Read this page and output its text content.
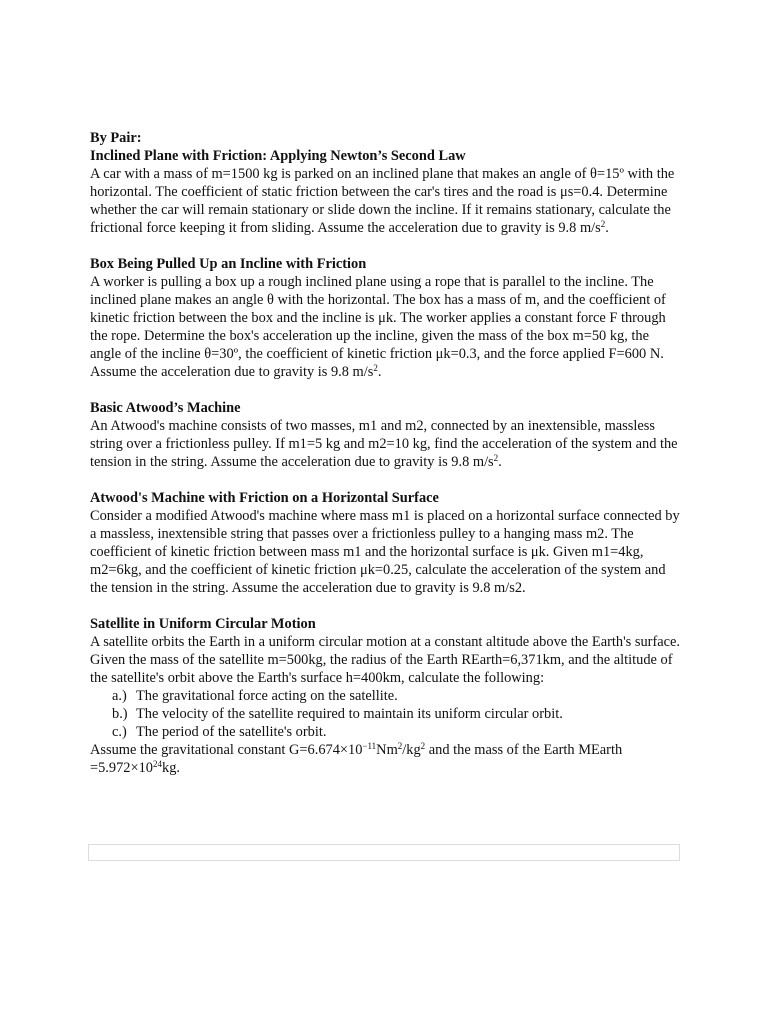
By Pair:

Inclined Plane with Friction: Applying Newton’s Second Law

A car with a mass of m=1500 kg is parked on an inclined plane that makes an angle of θ=15º with the horizontal. The coefficient of static friction between the car's tires and the road is μs=0.4. Determine whether the car will remain stationary or slide down the incline. If it remains stationary, calculate the frictional force keeping it from sliding. Assume the acceleration due to gravity is 9.8 $m/s^2$.

Box Being Pulled Up an Incline with Friction

A worker is pulling a box up a rough inclined plane using a rope that is parallel to the incline. The inclined plane makes an angle θ with the horizontal. The box has a mass of m, and the coefficient of kinetic friction between the box and the incline is μk. The worker applies a constant force F through the rope. Determine the box's acceleration up the incline, given the mass of the box m=50 kg, the angle of the incline θ=30º, the coefficient of kinetic friction μk=0.3, and the force applied F=600 N. Assume the acceleration due to gravity is 9.8 $m/s^2$.

Basic Atwood’s Machine

An Atwood's machine consists of two masses, m1 and m2, connected by an inextensible, massless string over a frictionless pulley. If m1=5 kg and m2=10 kg, find the acceleration of the system and the tension in the string. Assume the acceleration due to gravity is 9.8 $m/s^2$.

Atwood's Machine with Friction on a Horizontal Surface

Consider a modified Atwood's machine where mass m1 is placed on a horizontal surface connected by a massless, inextensible string that passes over a frictionless pulley to a hanging mass m2. The coefficient of kinetic friction between mass m1 and the horizontal surface is μk. Given m1=4kg, m2=6kg, and the coefficient of kinetic friction μk=0.25, calculate the acceleration of the system and the tension in the string. Assume the acceleration due to gravity is 9.8 m/s2.

Satellite in Uniform Circular Motion

A satellite orbits the Earth in a uniform circular motion at a constant altitude above the Earth's surface. Given the mass of the satellite m=500kg, the radius of the Earth REarth=6,371km, and the altitude of the satellite's orbit above the Earth's surface h=400km, calculate the following:

a.) The gravitational force acting on the satellite.
b.) The velocity of the satellite required to maintain its uniform circular orbit.
c.) The period of the satellite's orbit.

Assume the gravitational constant $G=6.674\times 10^{-11}Nm^2/kg^2$ and the mass of the Earth MEarth $=5.972\times 10^{24}kg$.
